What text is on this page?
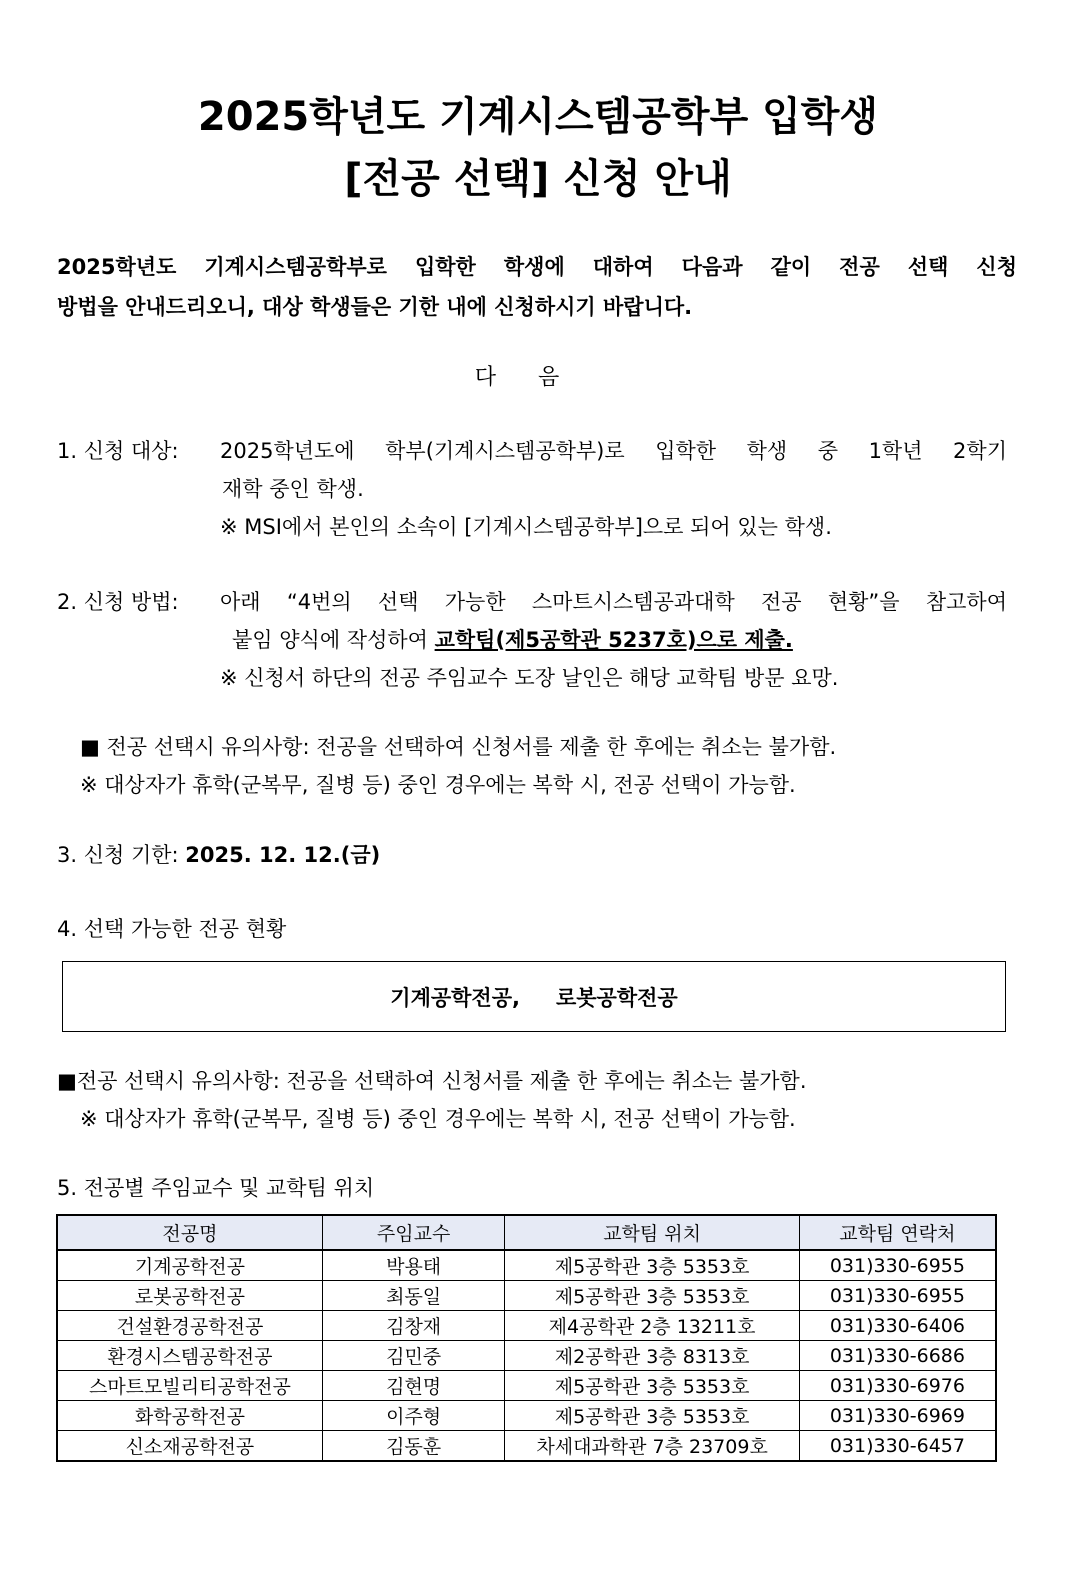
2025학년도 기계시스템공학부 입학생
[전공 선택] 신청 안내
2025학년도 기계시스템공학부로 입학한 학생에 대하여 다음과 같이 전공 선택 신청
방법을 안내드리오니, 대상 학생들은 기한 내에 신청하시기 바랍니다.
다음
1. 신청 대상: 2025학년도에 학부(기계시스템공학부)로 입학한 학생 중 1학년 2학기
재학 중인 학생.
※ MSI에서 본인의 소속이 [기계시스템공학부]으로 되어 있는 학생.
2. 신청 방법: 아래 “4번의 선택 가능한 스마트시스템공과대학 전공 현황”을 참고하여
붙임 양식에 작성하여 교학팀(제5공학관 5237호)으로 제출.
※ 신청서 하단의 전공 주임교수 도장 날인은 해당 교학팀 방문 요망.
■ 전공 선택시 유의사항: 전공을 선택하여 신청서를 제출 한 후에는 취소는 불가함.
※ 대상자가 휴학(군복무, 질병 등) 중인 경우에는 복학 시, 전공 선택이 가능함.
3. 신청 기한: 2025. 12. 12.(금)
4. 선택 가능한 전공 현황
기계공학전공, 로봇공학전공
■전공 선택시 유의사항: 전공을 선택하여 신청서를 제출 한 후에는 취소는 불가함.
※ 대상자가 휴학(군복무, 질병 등) 중인 경우에는 복학 시, 전공 선택이 가능함.
5. 전공별 주임교수 및 교학팀 위치
전공명	주임교수	교학팀 위치	교학팀 연락처
기계공학전공	박용태	제5공학관 3층 5353호	031)330-6955
로봇공학전공	최동일	제5공학관 3층 5353호	031)330-6955
건설환경공학전공	김창재	제4공학관 2층 13211호	031)330-6406
환경시스템공학전공	김민중	제2공학관 3층 8313호	031)330-6686
스마트모빌리티공학전공	김현명	제5공학관 3층 5353호	031)330-6976
화학공학전공	이주형	제5공학관 3층 5353호	031)330-6969
신소재공학전공	김동훈	차세대과학관 7층 23709호	031)330-6457
